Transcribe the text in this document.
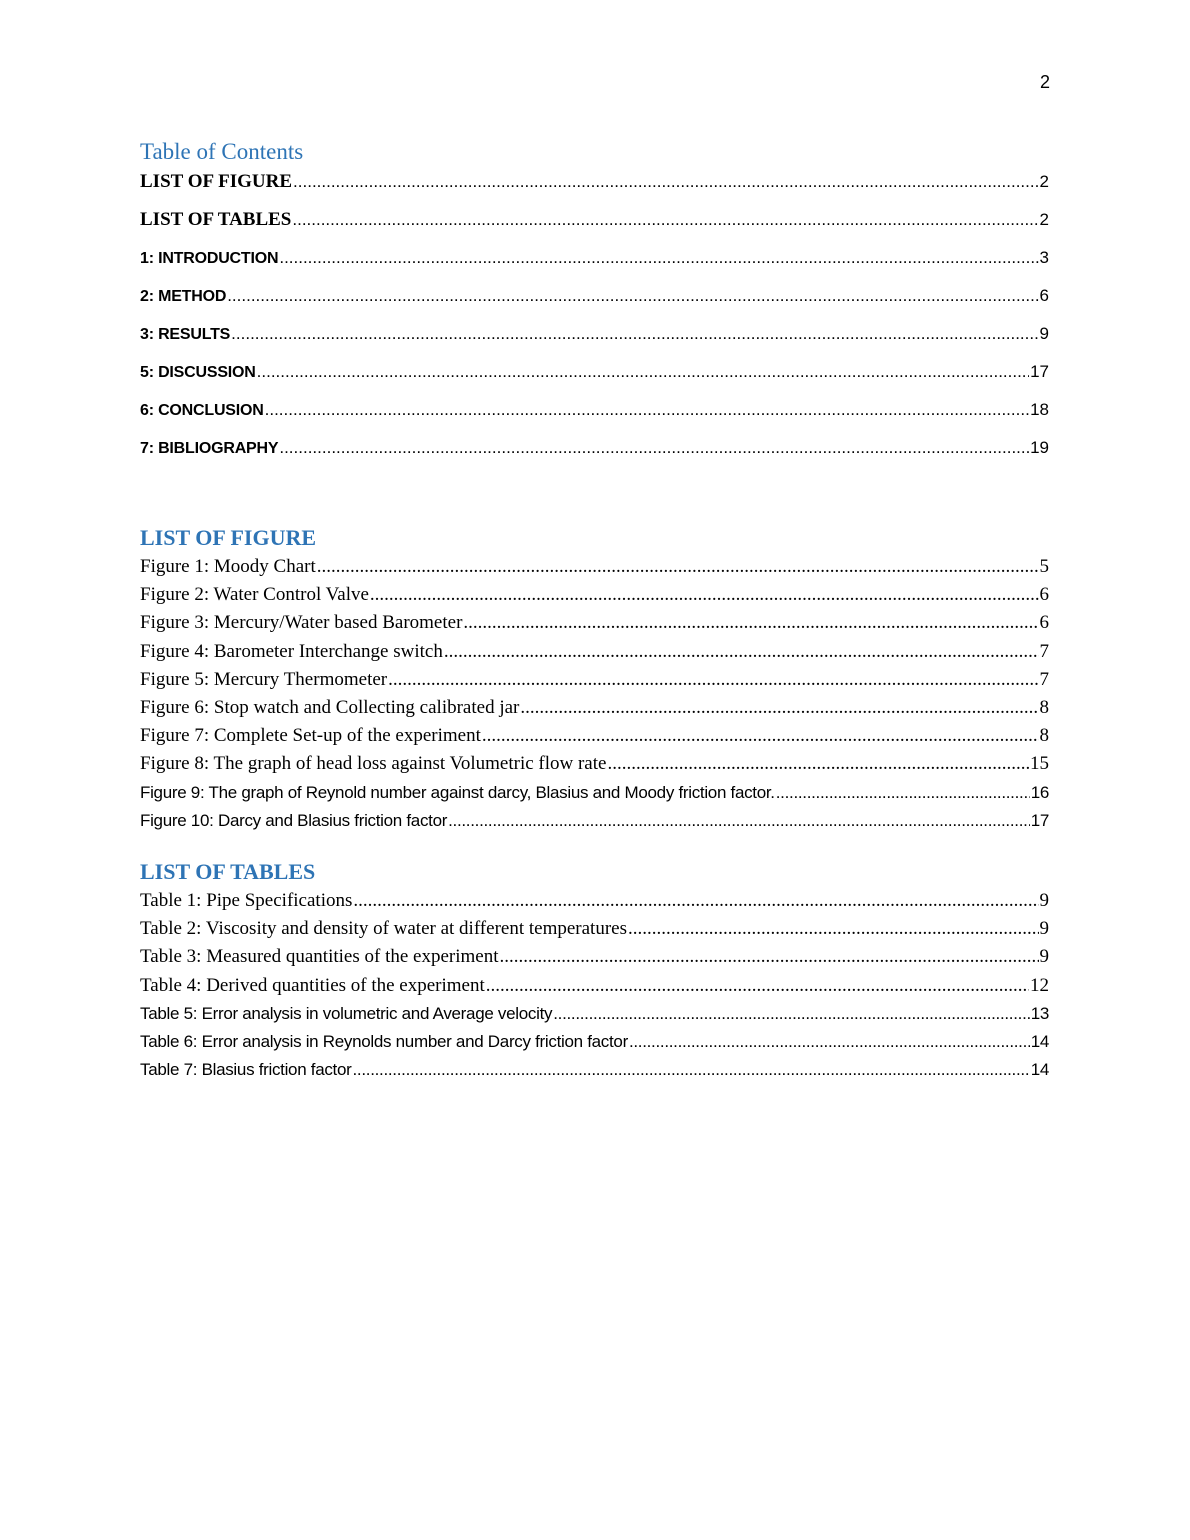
2
Table of Contents
LIST OF FIGURE .....	2
LIST OF TABLES .....	2
1: INTRODUCTION .....	3
2: METHOD .....	6
3: RESULTS .....	9
5: DISCUSSION .....	17
6: CONCLUSION .....	18
7: BIBLIOGRAPHY .....	19
LIST OF FIGURE
Figure 1: Moody Chart .....	5
Figure 2: Water Control Valve .....	6
Figure 3: Mercury/Water based Barometer .....	6
Figure 4: Barometer Interchange switch .....	7
Figure 5: Mercury Thermometer .....	7
Figure 6: Stop watch and Collecting calibrated jar .....	8
Figure 7: Complete Set-up of the experiment .....	8
Figure 8: The graph of head loss against Volumetric flow rate .....	15
Figure 9: The graph of Reynold number against darcy, Blasius and Moody friction factor. .....	16
Figure 10: Darcy and Blasius friction factor .....	17
LIST OF TABLES
Table 1: Pipe Specifications .....	9
Table 2: Viscosity and density of water at different temperatures .....	9
Table 3: Measured quantities of the experiment .....	9
Table 4: Derived quantities of the experiment .....	12
Table 5: Error analysis in volumetric and Average velocity .....	13
Table 6: Error analysis in Reynolds number and Darcy friction factor .....	14
Table 7: Blasius friction factor .....	14
